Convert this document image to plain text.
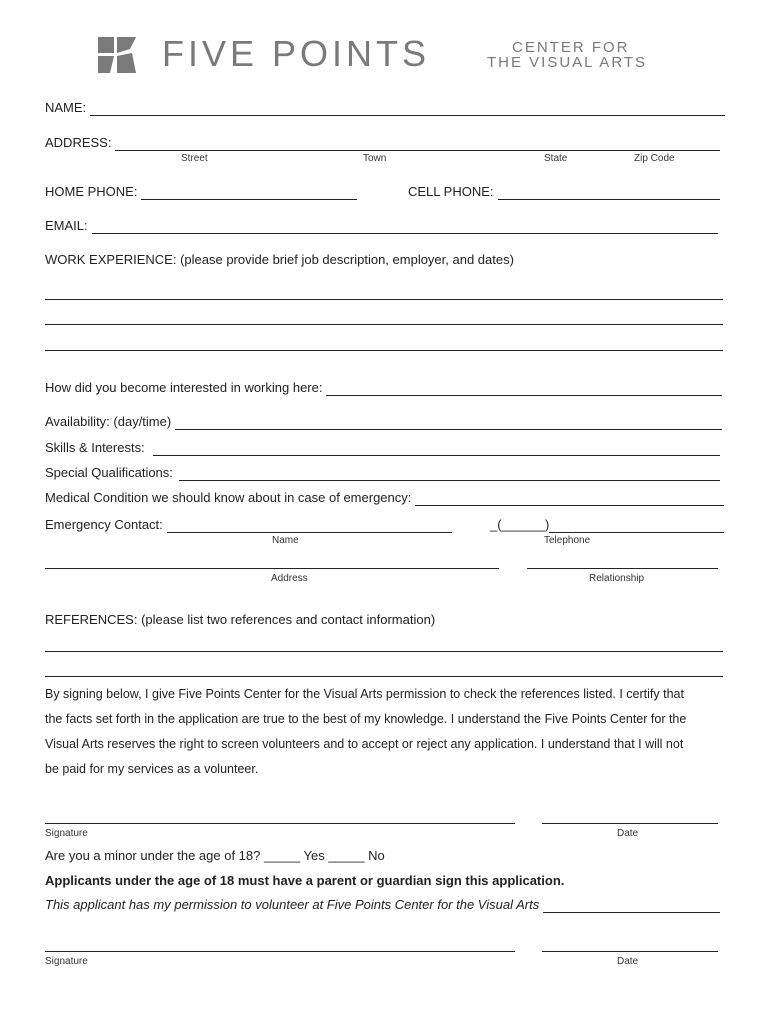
FIVE POINTS	CENTER FOR
THE VISUAL ARTS
NAME:
ADDRESS:
Street	Town	State	Zip Code
HOME PHONE:	CELL PHONE:
EMAIL:
WORK EXPERIENCE: (please provide brief job description, employer, and dates)
How did you become interested in working here:
Availability: (day/time)
Skills & Interests:
Special Qualifications:
Medical Condition we should know about in case of emergency:
Emergency Contact:	_(______)
Name	Telephone
Address	Relationship
REFERENCES: (please list two references and contact information)
By signing below, I give Five Points Center for the Visual Arts permission to check the references listed. I certify that
the facts set forth in the application are true to the best of my knowledge. I understand the Five Points Center for the
Visual Arts reserves the right to screen volunteers and to accept or reject any application. I understand that I will not
be paid for my services as a volunteer.
Signature	Date
Are you a minor under the age of 18? _____ Yes _____ No
Applicants under the age of 18 must have a parent or guardian sign this application.
This applicant has my permission to volunteer at Five Points Center for the Visual Arts
Signature	Date
